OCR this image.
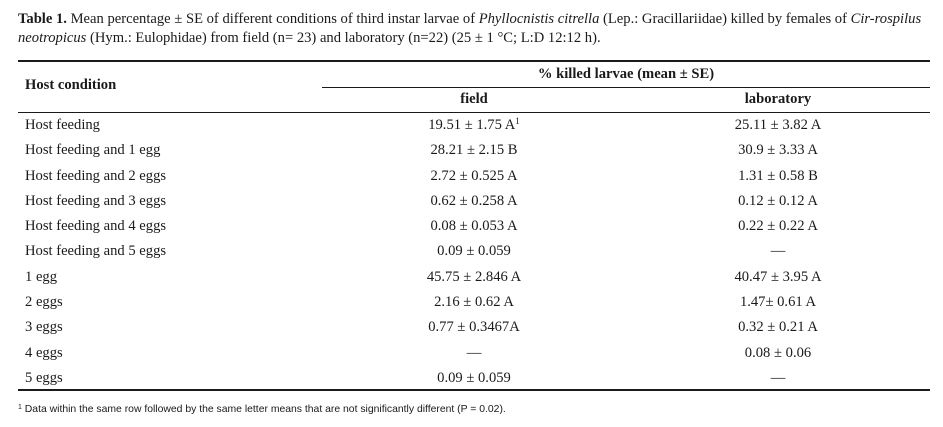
Table 1. Mean percentage ± SE of different conditions of third instar larvae of Phyllocnistis citrella (Lep.: Gracillariidae) killed by females of Cir-rospilus neotropicus (Hym.: Eulophidae) from field (n= 23) and laboratory (n=22) (25 ± 1 °C; L:D 12:12 h).
Host condition
% killed larvae (mean ± SE)
field	laboratory
Host feeding	19.51 ± 1.75 $A^1$	25.11 ± 3.82 A
Host feeding and 1 egg	28.21 ± 2.15 B	30.9 ± 3.33 A
Host feeding and 2 eggs	2.72 ± 0.525 A	1.31 ± 0.58 B
Host feeding and 3 eggs	0.62 ± 0.258 A	0.12 ± 0.12 A
Host feeding and 4 eggs	0.08 ± 0.053 A	0.22 ± 0.22 A
Host feeding and 5 eggs	0.09 ± 0.059	—
1 egg	45.75 ± 2.846 A	40.47 ± 3.95 A
2 eggs	2.16 ± 0.62 A	1.47± 0.61 A
3 eggs	0.77 ± 0.3467A	0.32 ± 0.21 A
4 eggs	—	0.08 ± 0.06
5 eggs	0.09 ± 0.059	—
$^1$ Data within the same row followed by the same letter means that are not significantly different (P = 0.02).
